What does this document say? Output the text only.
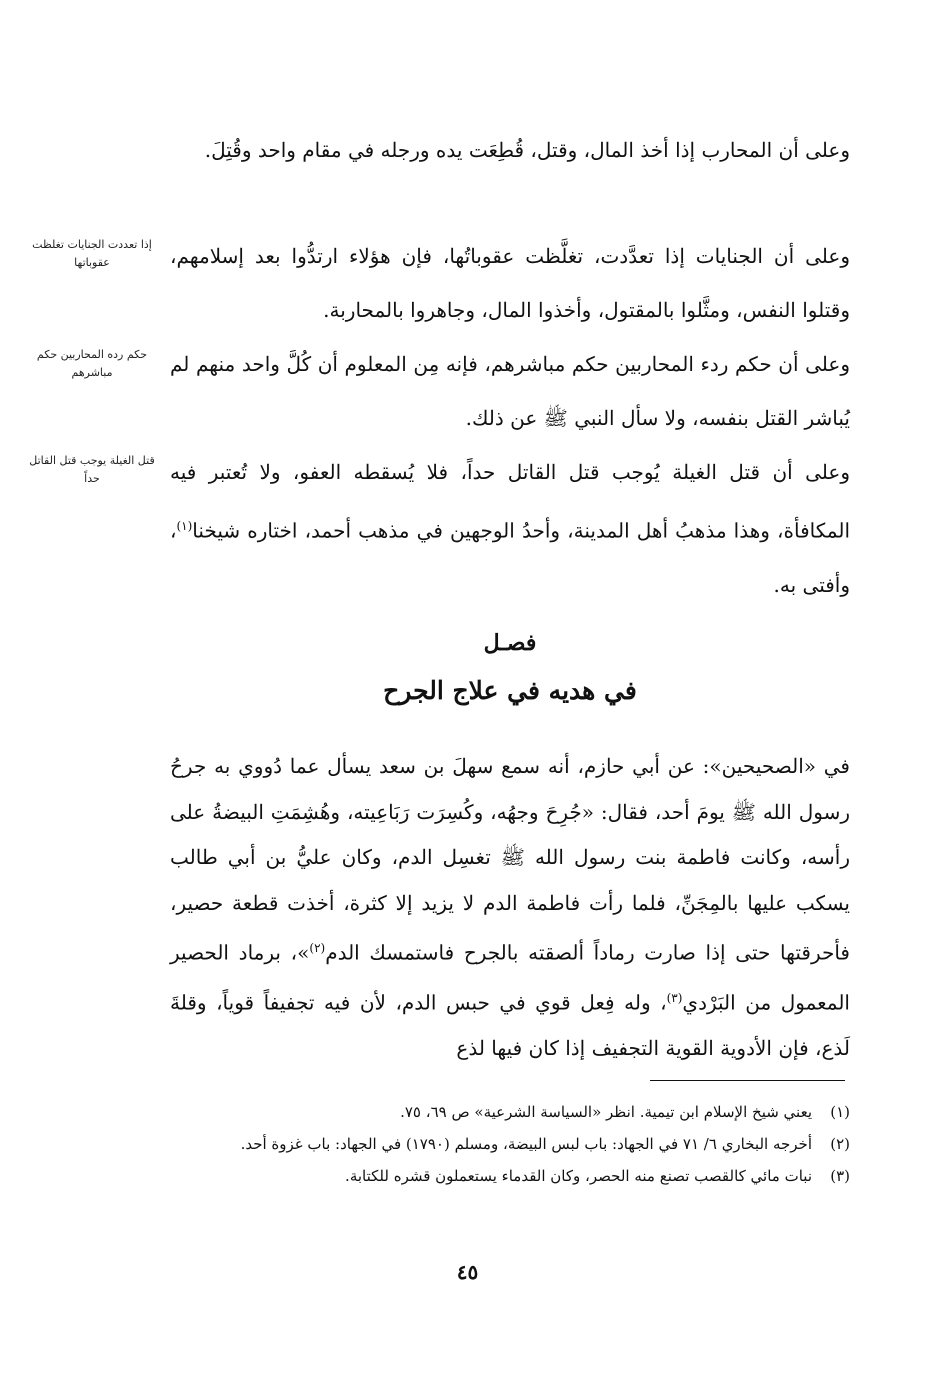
وعلى أن المحارب إذا أخذ المال، وقتل، قُطِعَت يده ورجله في مقام واحد وقُتِلَ.
إذا تعددت الجنايات تغلظت عقوباتها	وعلى أن الجنايات إذا تعدَّدت، تغلَّظت عقوباتُها، فإن هؤلاء ارتدُّوا بعد إسلامهم، وقتلوا النفس، ومثَّلوا بالمقتول، وأخذوا المال، وجاهروا بالمحاربة.
حكم رده المحاربين حكم مباشرهم	وعلى أن حكم ردء المحاربين حكم مباشرهم، فإنه مِن المعلوم أن كُلَّ واحد منهم لم يُباشر القتل بنفسه، ولا سأل النبي ﷺ عن ذلك.
قتل الغيلة يوجب قتل القاتل حداً	وعلى أن قتل الغيلة يُوجب قتل القاتل حداً، فلا يُسقطه العفو، ولا تُعتبر فيه المكافأة، وهذا مذهبُ أهل المدينة، وأحدُ الوجهين في مذهب أحمد، اختاره شيخنا$^{(١)}$، وأفتى به.
فصـل
في هديه في علاج الجرح
في «الصحيحين»: عن أبي حازم، أنه سمع سهلَ بن سعد يسأل عما دُووي به جرحُ رسول الله ﷺ يومَ أحد، فقال: «جُرِحَ وجهُه، وكُسِرَت رَبَاعِيته، وهُشِمَتِ البيضةُ على رأسه، وكانت فاطمة بنت رسول الله ﷺ تغسِل الدم، وكان عليُّ بن أبي طالب يسكب عليها بالمِجَنِّ، فلما رأت فاطمة الدم لا يزيد إلا كثرة، أخذت قطعة حصير، فأحرقتها حتى إذا صارت رماداً ألصقته بالجرح فاستمسك الدم$^{(٢)}$»، برماد الحصير المعمول من البَرْدي$^{(٣)}$، وله فِعل قوي في حبس الدم، لأن فيه تجفيفاً قوياً، وقلةَ لَذع، فإن الأدوية القوية التجفيف إذا كان فيها لذع
(١)
يعني شيخ الإسلام ابن تيمية. انظر «السياسة الشرعية» ص ٦٩، ٧٥.
(٢)
أخرجه البخاري ٦/ ٧١ في الجهاد: باب لبس البيضة، ومسلم (١٧٩٠) في الجهاد: باب غزوة أحد.
(٣)
نبات مائي كالقصب تصنع منه الحصر، وكان القدماء يستعملون قشره للكتابة.
٤٥
